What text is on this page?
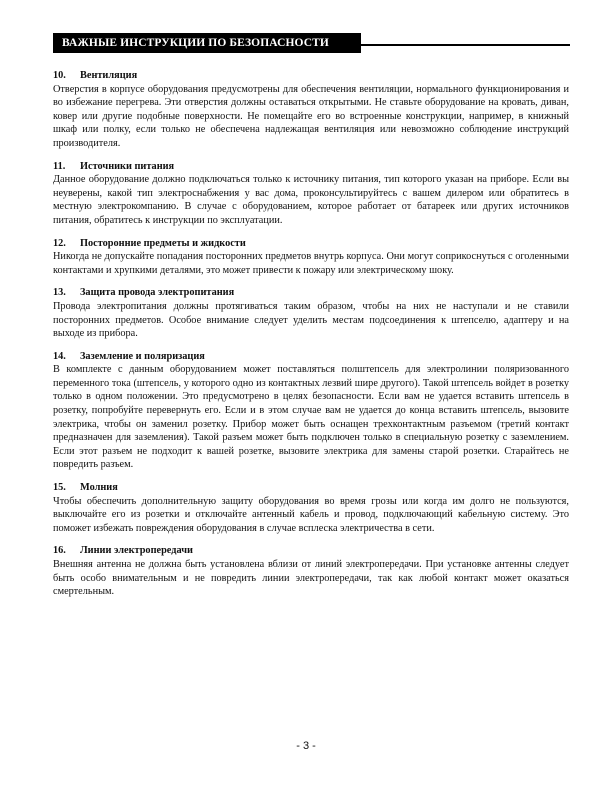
ВАЖНЫЕ ИНСТРУКЦИИ ПО БЕЗОПАСНОСТИ
10. Вентиляция
Отверстия в корпусе оборудования предусмотрены для обеспечения вентиляции, нормального функционирования и во избежание перегрева. Эти отверстия должны оставаться открытыми. Не ставьте оборудование на кровать, диван, ковер или другие подобные поверхности. Не помещайте его во встроенные конструкции, например, в книжный шкаф или полку, если только не обеспечена надлежащая вентиляция или невозможно соблюдение инструкций производителя.
11. Источники питания
Данное оборудование должно подключаться только к источнику питания, тип которого указан на приборе. Если вы неуверены, какой тип электроснабжения у вас дома, проконсультируйтесь с вашем дилером или обратитесь в местную электрокомпанию. В случае с оборудованием, которое работает от батареек или других источников питания, обратитесь к инструкции по эксплуатации.
12. Посторонние предметы и жидкости
Никогда не допускайте попадания посторонних предметов внутрь корпуса. Они могут соприкоснуться с оголенными контактами и хрупкими деталями, это может привести к пожару или электрическому шоку.
13. Защита провода электропитания
Провода электропитания должны протягиваться таким образом, чтобы на них не наступали и не ставили посторонних предметов. Особое внимание следует уделить местам подсоединения к штепселю, адаптеру и на выходе из прибора.
14. Заземление и поляризация
В комплекте с данным оборудованием может поставляться полштепсель для электролинии поляризованного переменного тока (штепсель, у которого одно из контактных лезвий шире другого). Такой штепсель войдет в розетку только в одном положении. Это предусмотрено в целях безопасности. Если вам не удается вставить штепсель в розетку, попробуйте перевернуть его. Если и в этом случае вам не удается до конца вставить штепсель, вызовите электрика, чтобы он заменил розетку. Прибор может быть оснащен трехконтактным разъемом (третий контакт предназначен для заземления). Такой разъем может быть подключен только в специальную розетку с заземлением. Если этот разъем не подходит к вашей розетке, вызовите электрика для замены старой розетки. Старайтесь не повредить разъем.
15. Молния
Чтобы обеспечить дополнительную защиту оборудования во время грозы или когда им долго не пользуются, выключайте его из розетки и отключайте антенный кабель и провод, подключающий кабельную систему. Это поможет избежать повреждения оборудования в случае всплеска электричества в сети.
16. Линии электропередачи
Внешняя антенна не должна быть установлена вблизи от линий электропередачи. При установке антенны следует быть особо внимательным и не повредить линии электропередачи, так как любой контакт может оказаться смертельным.
- 3 -
